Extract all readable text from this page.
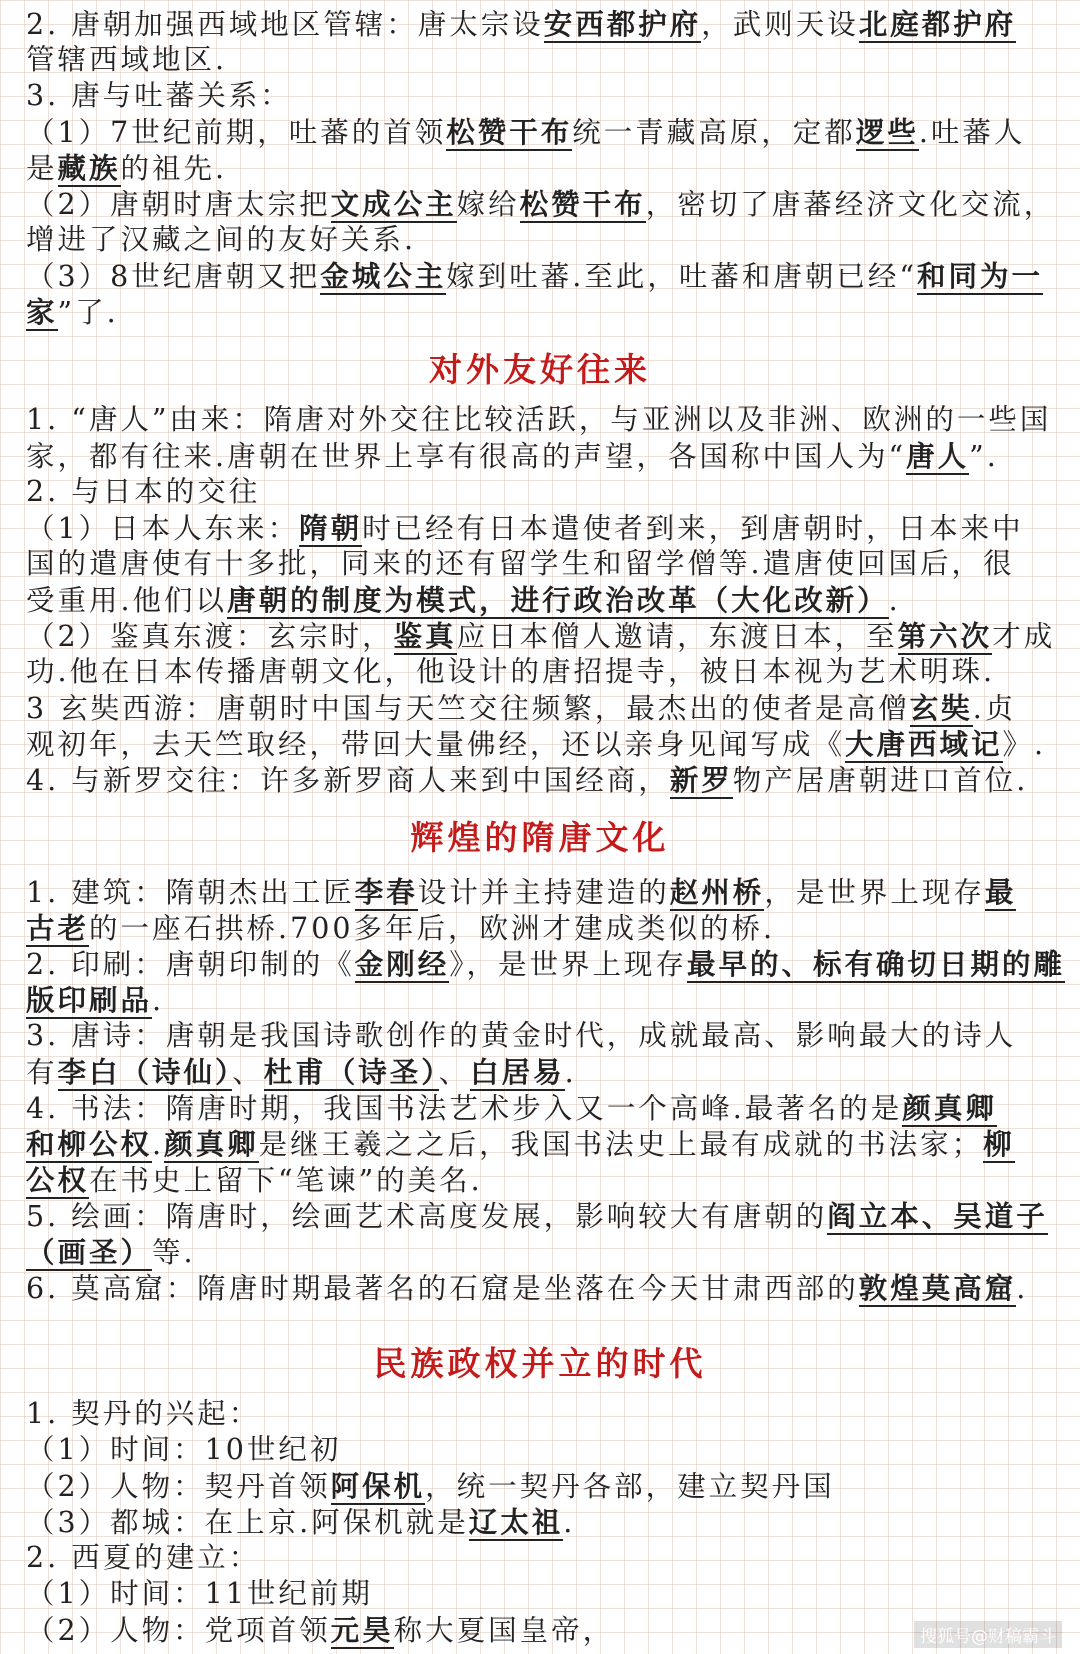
2. 唐朝加强西域地区管辖：唐太宗设安西都护府，武则天设北庭都护府
管辖西域地区.
3. 唐与吐蕃关系：
（1）7世纪前期，吐蕃的首领松赞干布统一青藏高原，定都逻些.吐蕃人
是藏族的祖先.
（2）唐朝时唐太宗把文成公主嫁给松赞干布，密切了唐蕃经济文化交流，
增进了汉藏之间的友好关系.
（3）8世纪唐朝又把金城公主嫁到吐蕃.至此，吐蕃和唐朝已经“和同为一
家”了.
对外友好往来
1. “唐人”由来：隋唐对外交往比较活跃，与亚洲以及非洲、欧洲的一些国
家，都有往来.唐朝在世界上享有很高的声望，各国称中国人为“唐人”.
2. 与日本的交往
（1）日本人东来：隋朝时已经有日本遣使者到来，到唐朝时，日本来中
国的遣唐使有十多批，同来的还有留学生和留学僧等.遣唐使回国后，很
受重用.他们以唐朝的制度为模式，进行政治改革（大化改新）.
（2）鉴真东渡：玄宗时，鉴真应日本僧人邀请，东渡日本，至第六次才成
功.他在日本传播唐朝文化，他设计的唐招提寺，被日本视为艺术明珠.
3 玄奘西游：唐朝时中国与天竺交往频繁，最杰出的使者是高僧玄奘.贞
观初年，去天竺取经，带回大量佛经，还以亲身见闻写成《大唐西域记》.
4. 与新罗交往：许多新罗商人来到中国经商，新罗物产居唐朝进口首位.
辉煌的隋唐文化
1. 建筑：隋朝杰出工匠李春设计并主持建造的赵州桥，是世界上现存最
古老的一座石拱桥.700多年后，欧洲才建成类似的桥.
2. 印刷：唐朝印制的《金刚经》，是世界上现存最早的、标有确切日期的雕
版印刷品.
3. 唐诗：唐朝是我国诗歌创作的黄金时代，成就最高、影响最大的诗人
有李白（诗仙）、杜甫（诗圣）、白居易.
4. 书法：隋唐时期，我国书法艺术步入又一个高峰.最著名的是颜真卿
和柳公权.颜真卿是继王羲之之后，我国书法史上最有成就的书法家；柳
公权在书史上留下“笔谏”的美名.
5. 绘画：隋唐时，绘画艺术高度发展，影响较大有唐朝的阎立本、吴道子
（画圣）等.
6. 莫高窟：隋唐时期最著名的石窟是坐落在今天甘肃西部的敦煌莫高窟.
民族政权并立的时代
1. 契丹的兴起：
（1）时间：10世纪初
（2）人物：契丹首领阿保机，统一契丹各部，建立契丹国
（3）都城：在上京.阿保机就是辽太祖.
2. 西夏的建立：
（1）时间：11世纪前期
（2）人物：党项首领元昊称大夏国皇帝，	搜狐号@财稿霸斗
